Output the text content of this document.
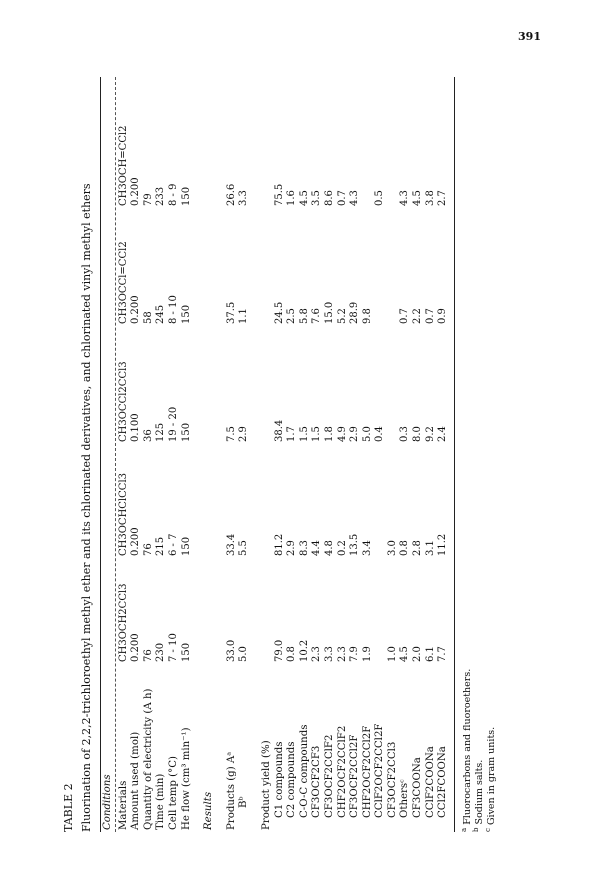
391
TABLE 2 Fluorination of 2,2,2-trichloroethyl methyl ether and its chlorinated derivatives, and chlorinated vinyl methyl ethers Conditions Materials
CH3OCH2CCl3
CH3OCHClCCl3
CH3OCCl2CCl3
CH3OCCl=CCl2
CH3OCH=CCl2
Amount used (mol)
0.200
0.200
0.100
0.200
0.200
Quantity of electricity (A h)
76
76
36
58
79
Time (min)
230
215
125
245
233
Cell temp (°C)
7 - 10
6 - 7
19 - 20
8 - 10
8 - 9
He flow (cm³ min⁻¹)
150
150
150
150
150
Results Products (g) Aᵃ
33.0
33.4
7.5
37.5
26.6
Bᵇ
5.0
5.5
2.9
1.1
3.3
Product yield (%) C1 compounds
79.0
81.2
38.4
24.5
75.5
C2 compounds
0.8
2.9
1.7
2.5
1.6
C-O-C compounds
10.2
8.3
1.5
5.8
4.5
CF3OCF2CF3
2.3
4.4
1.5
7.6
3.5
CF3OCF2CClF2
3.3
4.8
1.8
15.0
8.6
CHF2OCF2CClF2
2.3
0.2
4.9
5.2
0.7
CF3OCF2CCl2F
7.9
13.5
2.9
28.9
4.3
CHF2OCF2CCl2F
1.9
3.4
5.0
9.8
CClF2OCF2CCl2F
0.4
0.5
CF3OCF2CCl3
1.0
3.0
Othersᶜ
4.5
0.8
0.3
0.7
4.3
CF3COONa
2.0
2.8
8.0
2.2
4.5
CClF2COONa
6.1
3.1
9.2
0.7
3.8
CCl2FCOONa
7.7
11.2
2.4
0.9
2.7
$^a$ Fluorocarbons and fluoroethers.
$^b$ Sodium salts.
$^c$ Given in gram units.
